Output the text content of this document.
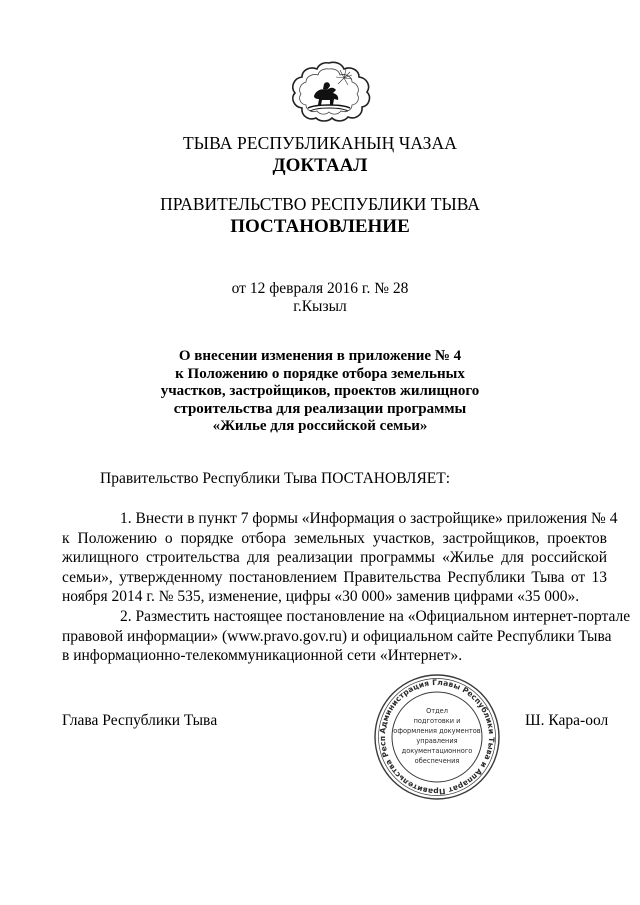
ТЫВА РЕСПУБЛИКАНЫҢ ЧАЗАА
ДОКТААЛ
ПРАВИТЕЛЬСТВО РЕСПУБЛИКИ ТЫВА
ПОСТАНОВЛЕНИЕ
от 12 февраля 2016 г. № 28
г.Кызыл
О внесении изменения в приложение № 4
к Положению о порядке отбора земельных
участков, застройщиков, проектов жилищного
строительства для реализации программы
«Жилье для российской семьи»
Правительство Республики Тыва ПОСТАНОВЛЯЕТ:

1. Внести в пункт 7 формы «Информация о застройщике» приложения № 4
к Положению о порядке отбора земельных участков, застройщиков, проектов
жилищного строительства для реализации программы «Жилье для российской
семьи», утвержденному постановлением Правительства Республики Тыва от 13
ноября 2014 г. № 535, изменение, цифры «30 000» заменив цифрами «35 000».

2. Разместить настоящее постановление на «Официальном интернет-портале
правовой информации» (www.pravo.gov.ru) и официальном сайте Республики Тыва
в информационно-телекоммуникационной сети «Интернет».

Глава Республики Тывa	Ш. Кара-оол
Администрация Главы Республики Тыва и Аппарат Правительства Респ
Отдел
подготовки и
оформления документов
управления
документационного
обеспечения
